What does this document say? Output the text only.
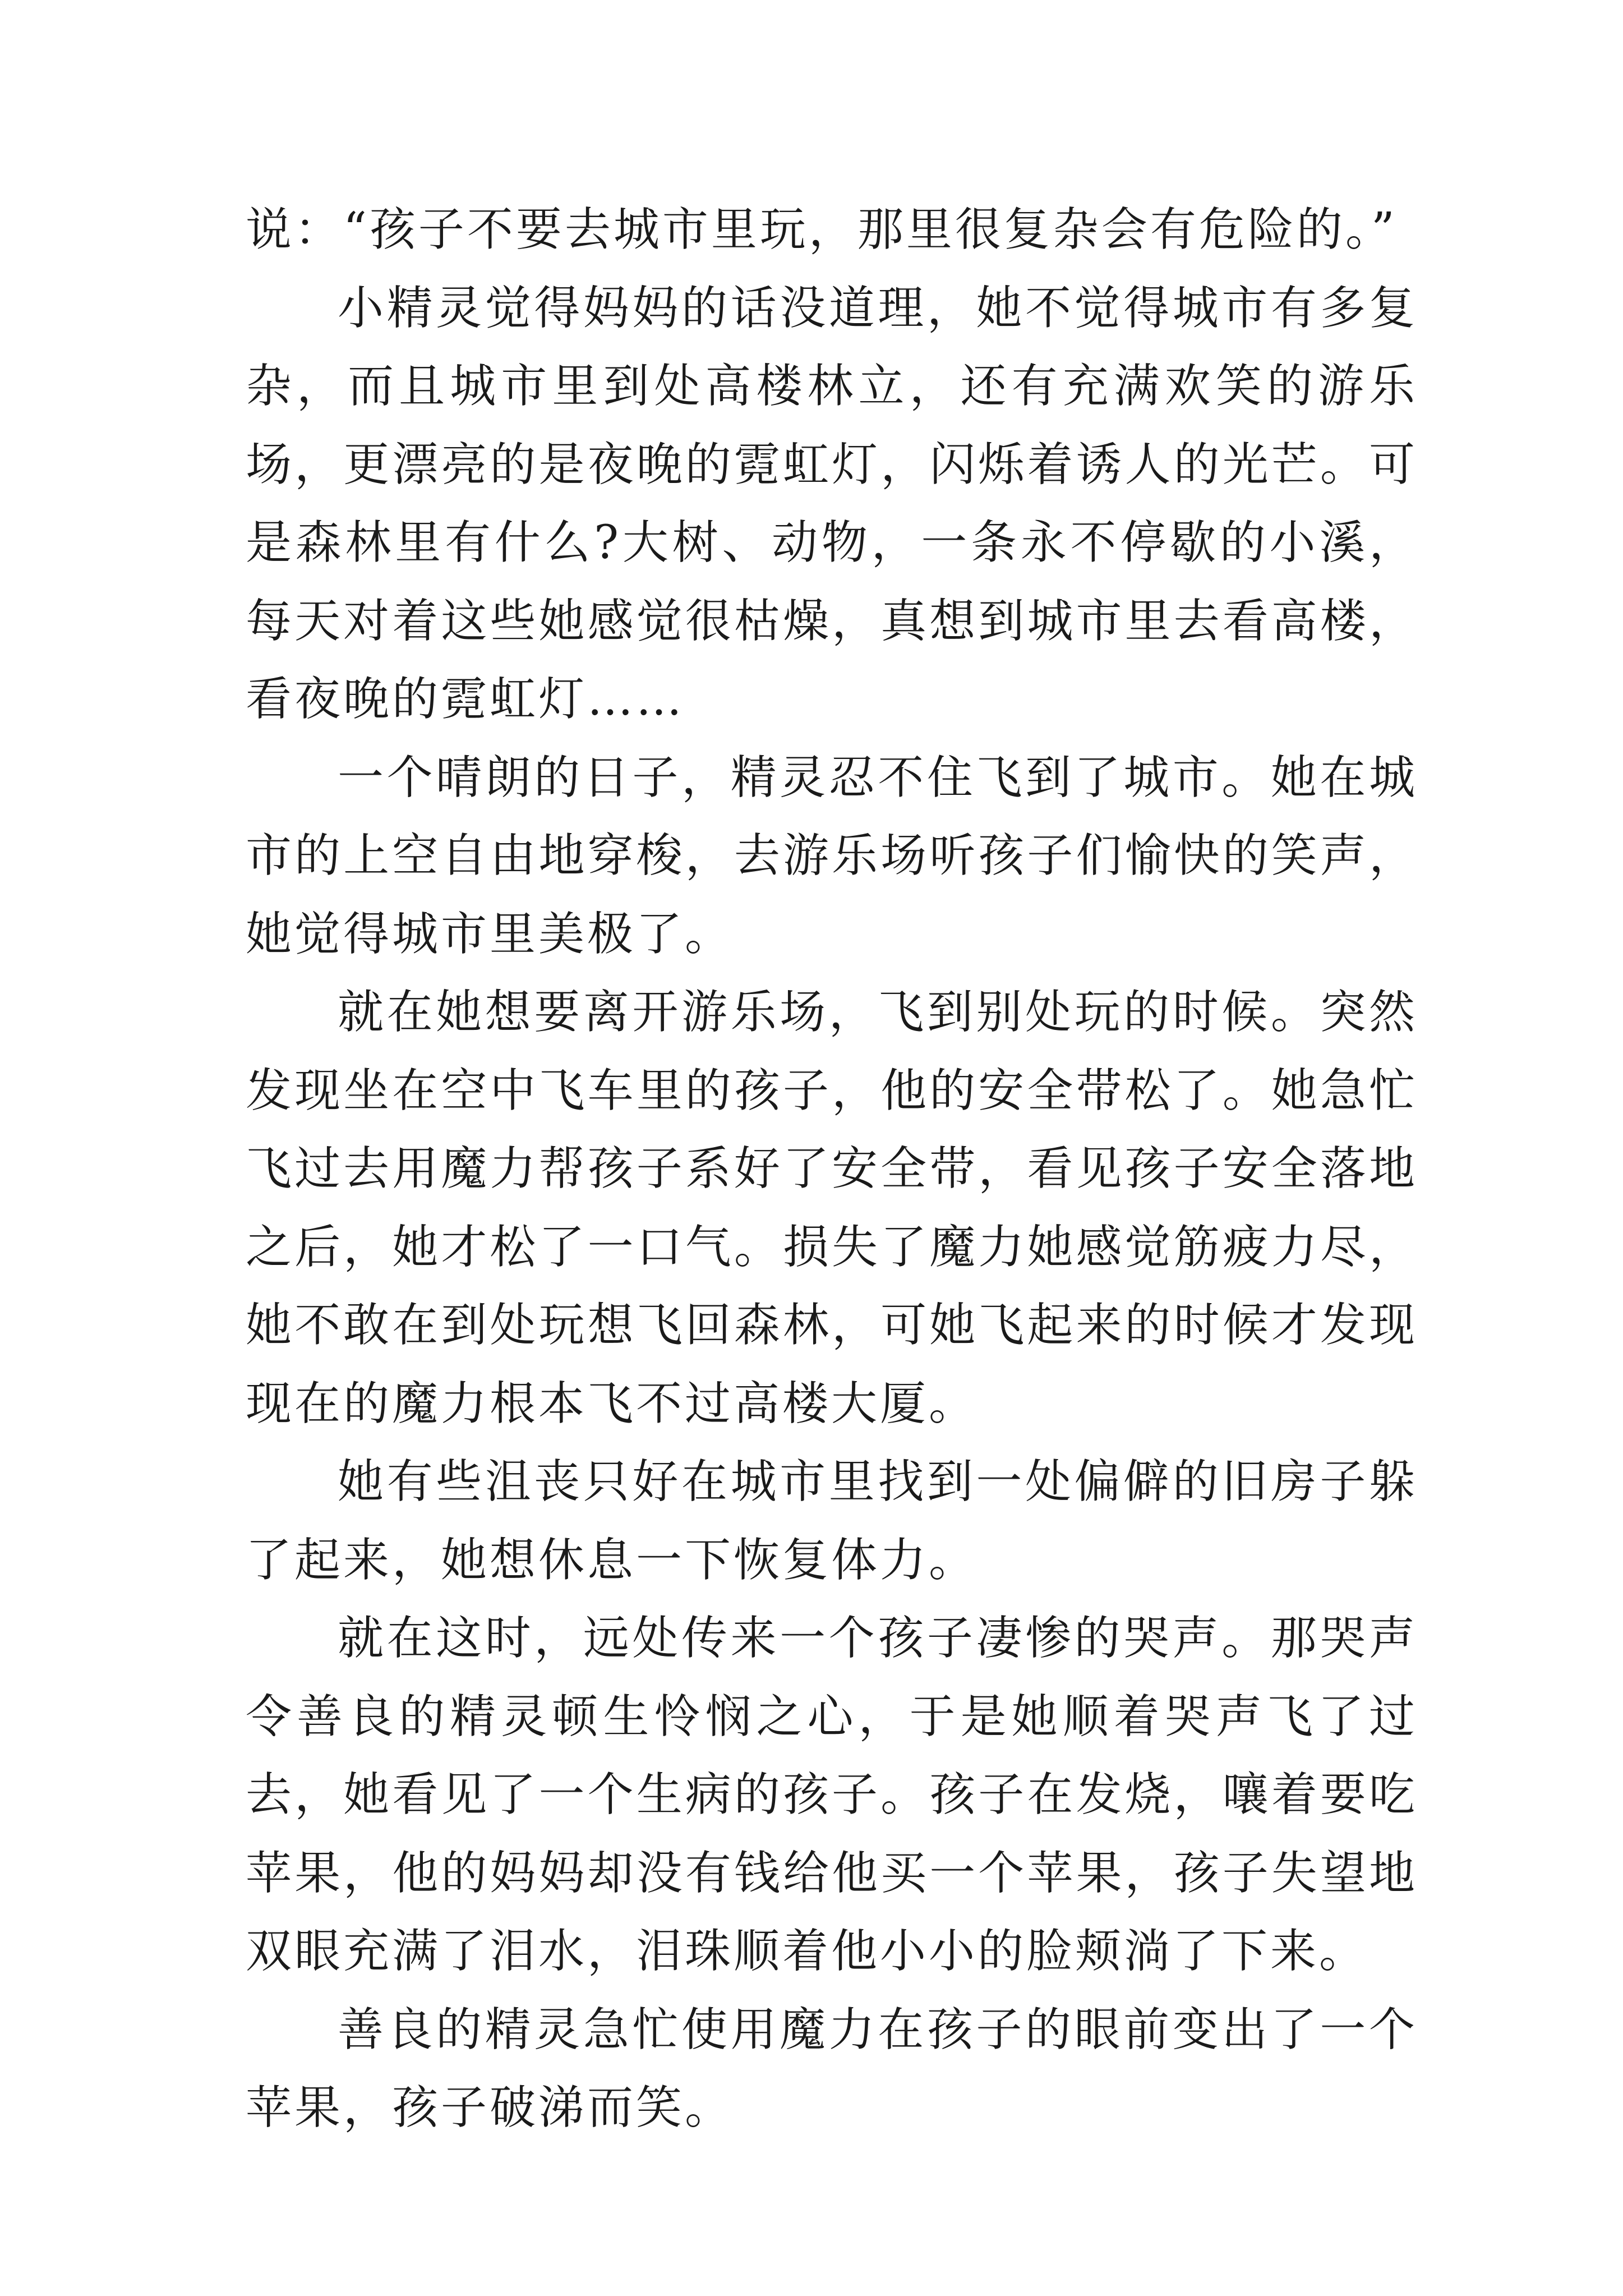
说：“孩子不要去城市里玩，那里很复杂会有危险的。”

小精灵觉得妈妈的话没道理，她不觉得城市有多复杂，而且城市里到处高楼林立，还有充满欢笑的游乐场，更漂亮的是夜晚的霓虹灯，闪烁着诱人的光芒。可是森林里有什么?大树、动物，一条永不停歇的小溪，每天对着这些她感觉很枯燥，真想到城市里去看高楼，看夜晚的霓虹灯……

一个晴朗的日子，精灵忍不住飞到了城市。她在城市的上空自由地穿梭，去游乐场听孩子们愉快的笑声，她觉得城市里美极了。

就在她想要离开游乐场，飞到别处玩的时候。突然发现坐在空中飞车里的孩子，他的安全带松了。她急忙飞过去用魔力帮孩子系好了安全带，看见孩子安全落地之后，她才松了一口气。损失了魔力她感觉筋疲力尽，她不敢在到处玩想飞回森林，可她飞起来的时候才发现现在的魔力根本飞不过高楼大厦。

她有些沮丧只好在城市里找到一处偏僻的旧房子躲了起来，她想休息一下恢复体力。

就在这时，远处传来一个孩子凄惨的哭声。那哭声令善良的精灵顿生怜悯之心，于是她顺着哭声飞了过去，她看见了一个生病的孩子。孩子在发烧，嚷着要吃苹果，他的妈妈却没有钱给他买一个苹果，孩子失望地双眼充满了泪水，泪珠顺着他小小的脸颊淌了下来。

善良的精灵急忙使用魔力在孩子的眼前变出了一个苹果，孩子破涕而笑。
